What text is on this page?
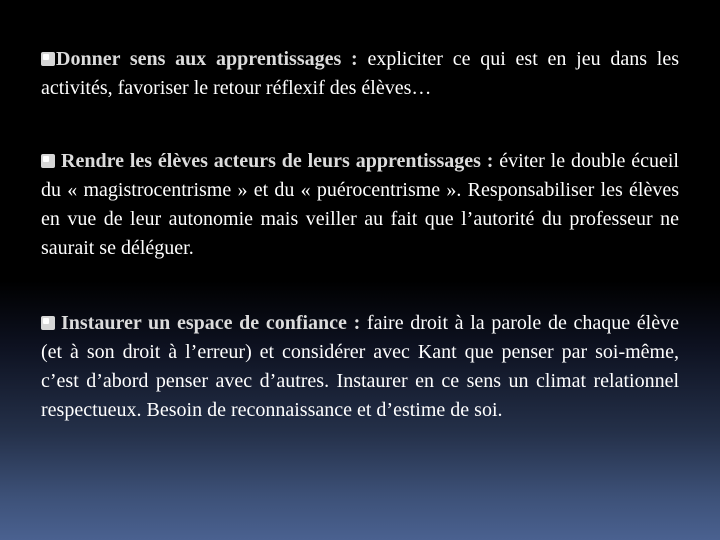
Donner sens aux apprentissages : expliciter ce qui est en jeu dans les activités, favoriser le retour réflexif des élèves…

Rendre les élèves acteurs de leurs apprentissages : éviter le double écueil du « magistrocentrisme » et du « puérocentrisme ». Responsabiliser les élèves en vue de leur autonomie mais veiller au fait que l’autorité du professeur ne saurait se déléguer.

Instaurer un espace de confiance : faire droit à la parole de chaque élève (et à son droit à l’erreur) et considérer avec Kant que penser par soi-même, c’est d’abord penser avec d’autres. Instaurer en ce sens un climat relationnel respectueux. Besoin de reconnaissance et d’estime de soi.
